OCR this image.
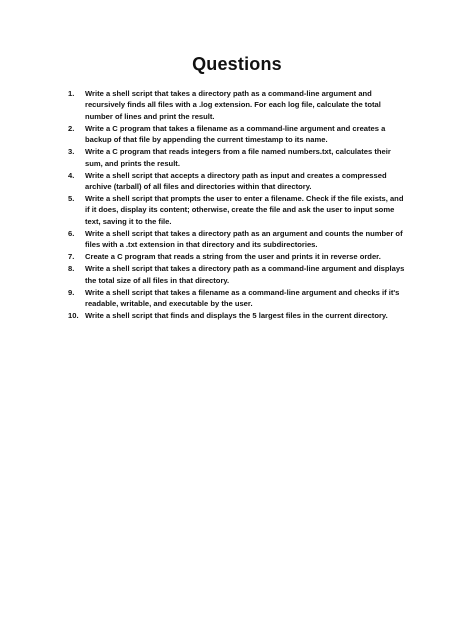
Questions
1.	Write a shell script that takes a directory path as a command-line argument and recursively finds all files with a .log extension. For each log file, calculate the total number of lines and print the result.
2.	Write a C program that takes a filename as a command-line argument and creates a backup of that file by appending the current timestamp to its name.
3.	Write a C program that reads integers from a file named numbers.txt, calculates their sum, and prints the result.
4.	Write a shell script that accepts a directory path as input and creates a compressed archive (tarball) of all files and directories within that directory.
5.	Write a shell script that prompts the user to enter a filename. Check if the file exists, and if it does, display its content; otherwise, create the file and ask the user to input some text, saving it to the file.
6.	Write a shell script that takes a directory path as an argument and counts the number of files with a .txt extension in that directory and its subdirectories.
7.	Create a C program that reads a string from the user and prints it in reverse order.
8.	Write a shell script that takes a directory path as a command-line argument and displays the total size of all files in that directory.
9.	Write a shell script that takes a filename as a command-line argument and checks if it's readable, writable, and executable by the user.
10. Write a shell script that finds and displays the 5 largest files in the current directory.
